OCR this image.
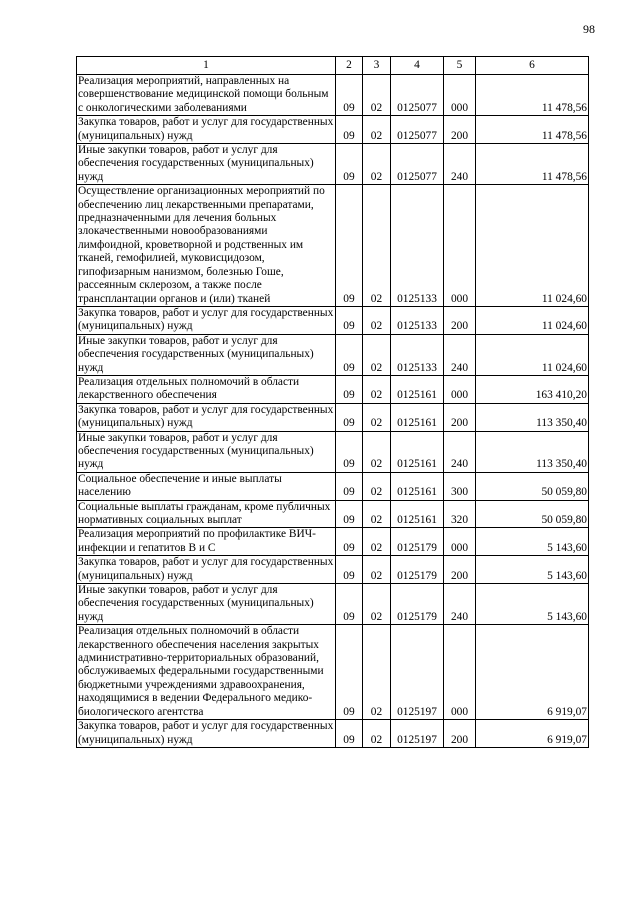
98
1	2	3	4	5	6
Реализация мероприятий, направленных на совершенствование медицинской помощи больным с онкологическими заболеваниями	09	02	0125077	000	11 478,56
Закупка товаров, работ и услуг для государственных (муниципальных) нужд	09	02	0125077	200	11 478,56
Иные закупки товаров, работ и услуг для обеспечения государственных (муниципальных) нужд	09	02	0125077	240	11 478,56
Осуществление организационных мероприятий по обеспечению лиц лекарственными препаратами, предназначенными для лечения больных злокачественными новообразованиями лимфоидной, кроветворной и родственных им тканей, гемофилией, муковисцидозом, гипофизарным нанизмом, болезнью Гоше, рассеянным склерозом, а также после трансплантации органов и (или) тканей	09	02	0125133	000	11 024,60
Закупка товаров, работ и услуг для государственных (муниципальных) нужд	09	02	0125133	200	11 024,60
Иные закупки товаров, работ и услуг для обеспечения государственных (муниципальных) нужд	09	02	0125133	240	11 024,60
Реализация отдельных полномочий в области лекарственного обеспечения	09	02	0125161	000	163 410,20
Закупка товаров, работ и услуг для государственных (муниципальных) нужд	09	02	0125161	200	113 350,40
Иные закупки товаров, работ и услуг для обеспечения государственных (муниципальных) нужд	09	02	0125161	240	113 350,40
Социальное обеспечение и иные выплаты населению	09	02	0125161	300	50 059,80
Социальные выплаты гражданам, кроме публичных нормативных социальных выплат	09	02	0125161	320	50 059,80
Реализация мероприятий по профилактике ВИЧ-инфекции и гепатитов B и C	09	02	0125179	000	5 143,60
Закупка товаров, работ и услуг для государственных (муниципальных) нужд	09	02	0125179	200	5 143,60
Иные закупки товаров, работ и услуг для обеспечения государственных (муниципальных) нужд	09	02	0125179	240	5 143,60
Реализация отдельных полномочий в области лекарственного обеспечения населения закрытых административно-территориальных образований, обслуживаемых федеральными государственными бюджетными учреждениями здравоохранения, находящимися в ведении Федерального медико-биологического агентства	09	02	0125197	000	6 919,07
Закупка товаров, работ и услуг для государственных (муниципальных) нужд	09	02	0125197	200	6 919,07
